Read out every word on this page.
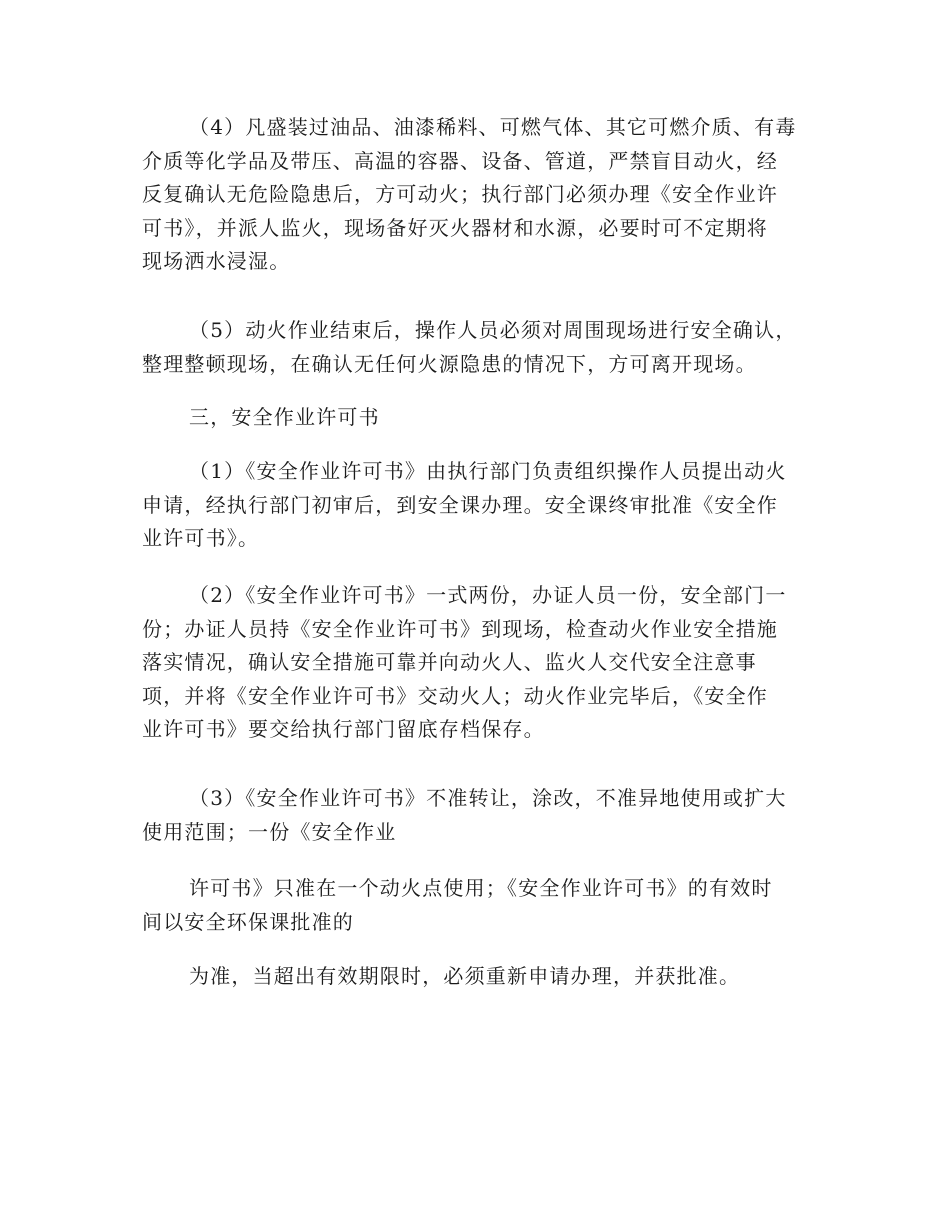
（4）凡盛装过油品、油漆稀料、可燃气体、其它可燃介质、有毒
介质等化学品及带压、高温的容器、设备、管道，严禁盲目动火，经
反复确认无危险隐患后，方可动火；执行部门必须办理《安全作业许
可书》，并派人监火，现场备好灭火器材和水源，必要时可不定期将
现场洒水浸湿。
（5）动火作业结束后，操作人员必须对周围现场进行安全确认，
整理整顿现场，在确认无任何火源隐患的情况下，方可离开现场。
三，安全作业许可书
（1）《安全作业许可书》由执行部门负责组织操作人员提出动火
申请，经执行部门初审后，到安全课办理。安全课终审批准《安全作
业许可书》。
（2）《安全作业许可书》一式两份，办证人员一份，安全部门一
份；办证人员持《安全作业许可书》到现场，检查动火作业安全措施
落实情况，确认安全措施可靠并向动火人、监火人交代安全注意事
项，并将《安全作业许可书》交动火人；动火作业完毕后，《安全作
业许可书》要交给执行部门留底存档保存。
（3）《安全作业许可书》不准转让，涂改，不准异地使用或扩大
使用范围；一份《安全作业
许可书》只准在一个动火点使用；《安全作业许可书》的有效时
间以安全环保课批准的
为准，当超出有效期限时，必须重新申请办理，并获批准。
